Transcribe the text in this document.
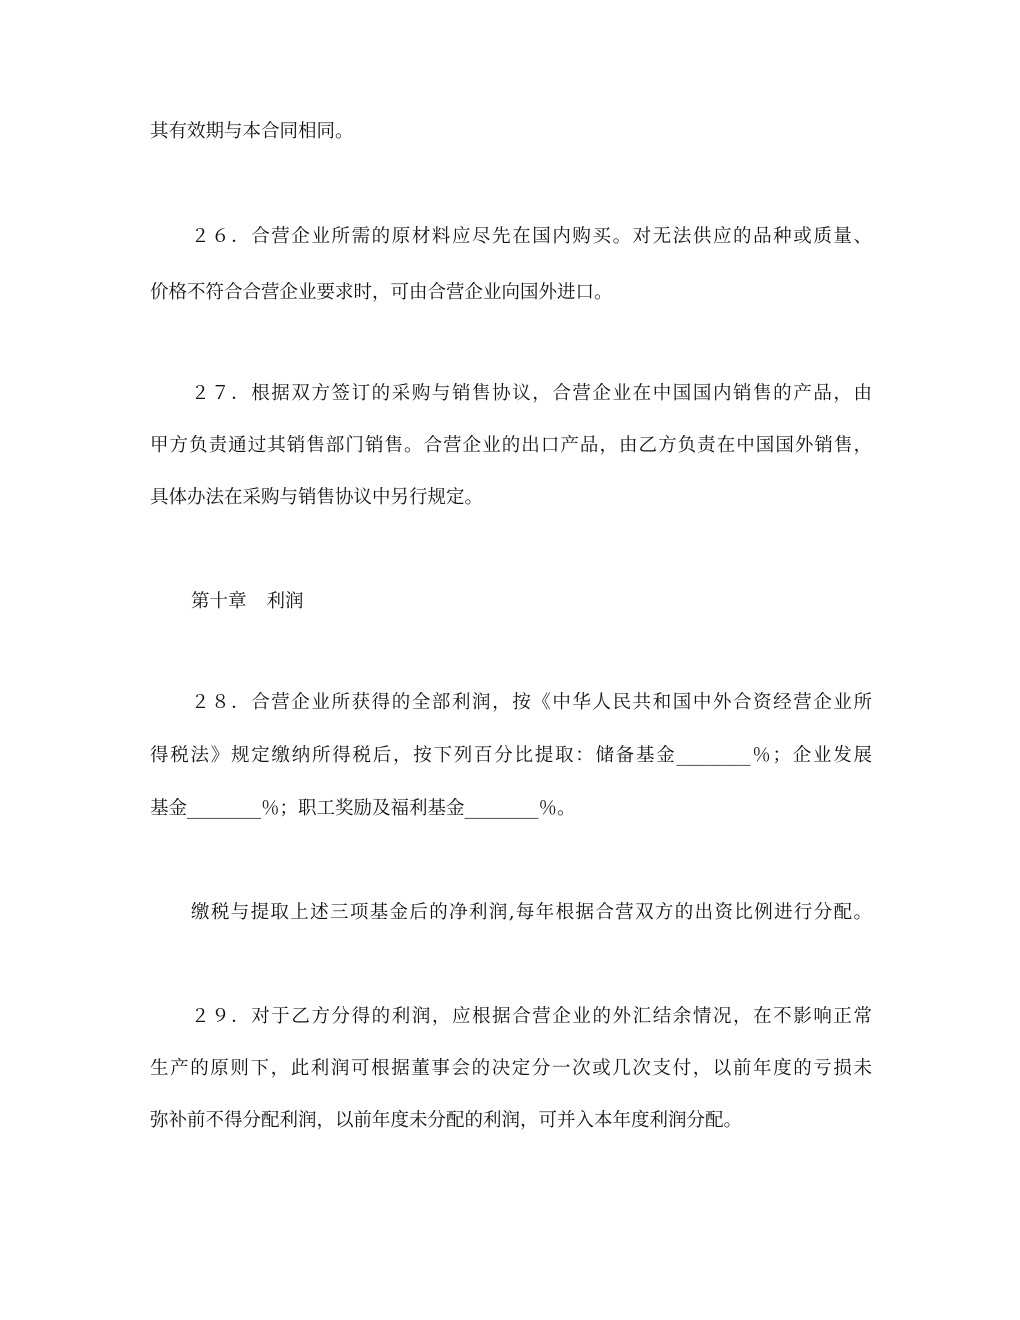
其有效期与本合同相同。
２６．合营企业所需的原材料应尽先在国内购买。对无法供应的品种或质量、
价格不符合合营企业要求时，可由合营企业向国外进口。
２７．根据双方签订的采购与销售协议，合营企业在中国国内销售的产品，由
甲方负责通过其销售部门销售。合营企业的出口产品，由乙方负责在中国国外销售，
具体办法在采购与销售协议中另行规定。
第十章 利润
２８．合营企业所获得的全部利润，按《中华人民共和国中外合资经营企业所
得税法》规定缴纳所得税后，按下列百分比提取：储备基金________％；企业发展
基金________％；职工奖励及福利基金________％。
缴税与提取上述三项基金后的净利润,每年根据合营双方的出资比例进行分配。
２９．对于乙方分得的利润，应根据合营企业的外汇结余情况，在不影响正常
生产的原则下，此利润可根据董事会的决定分一次或几次支付，以前年度的亏损未
弥补前不得分配利润，以前年度未分配的利润，可并入本年度利润分配。
